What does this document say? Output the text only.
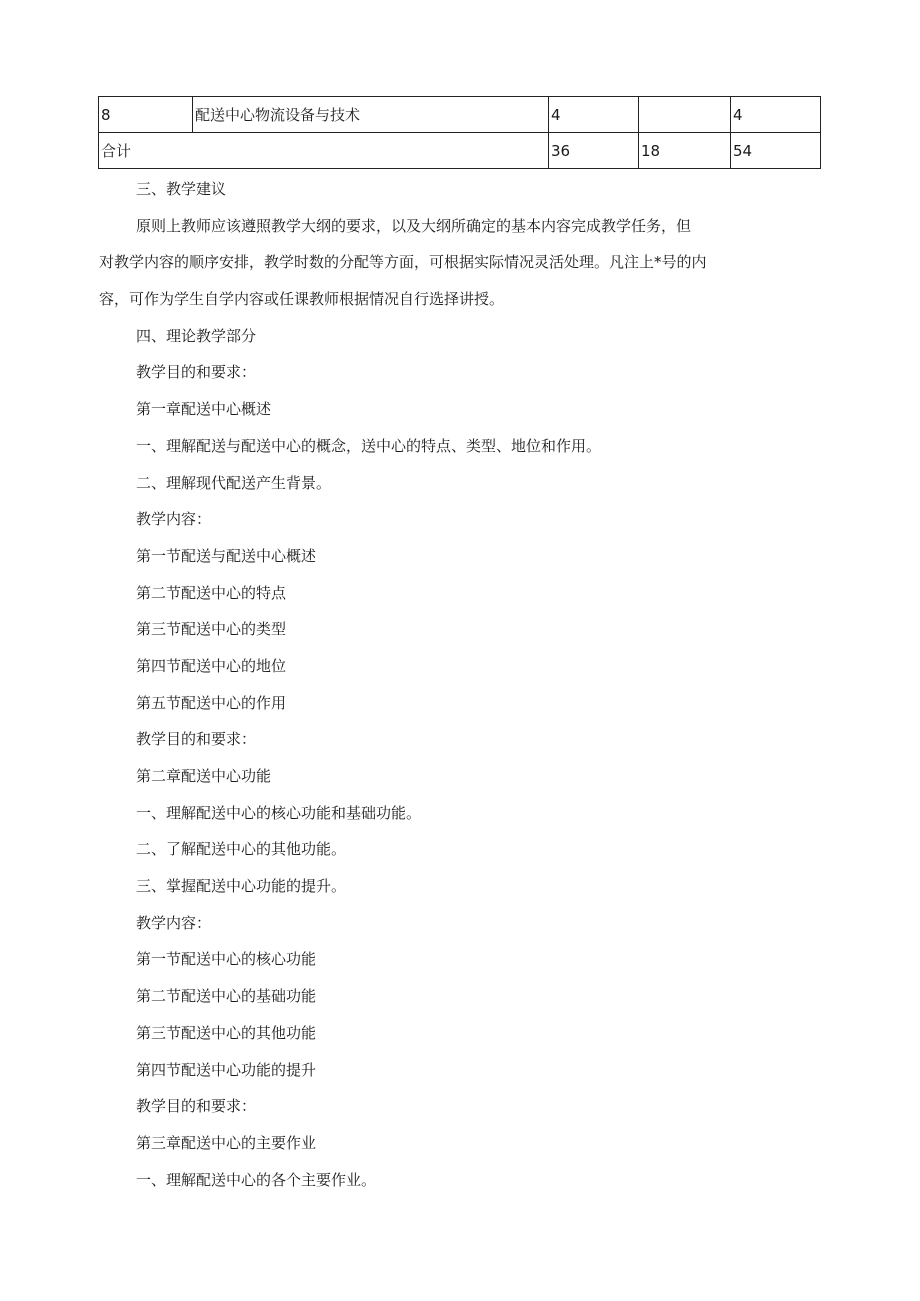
8	配送中心物流设备与技术	4		4
合计		36	18	54
三、教学建议
原则上教师应该遵照教学大纲的要求，以及大纲所确定的基本内容完成教学任务，但
对教学内容的顺序安排，教学时数的分配等方面，可根据实际情况灵活处理。凡注上*号的内
容，可作为学生自学内容或任课教师根据情况自行选择讲授。
四、理论教学部分
教学目的和要求：
第一章配送中心概述
一、理解配送与配送中心的概念，送中心的特点、类型、地位和作用。
二、理解现代配送产生背景。
教学内容：
第一节配送与配送中心概述
第二节配送中心的特点
第三节配送中心的类型
第四节配送中心的地位
第五节配送中心的作用
教学目的和要求：
第二章配送中心功能
一、理解配送中心的核心功能和基础功能。
二、了解配送中心的其他功能。
三、掌握配送中心功能的提升。
教学内容：
第一节配送中心的核心功能
第二节配送中心的基础功能
第三节配送中心的其他功能
第四节配送中心功能的提升
教学目的和要求：
第三章配送中心的主要作业
一、理解配送中心的各个主要作业。
